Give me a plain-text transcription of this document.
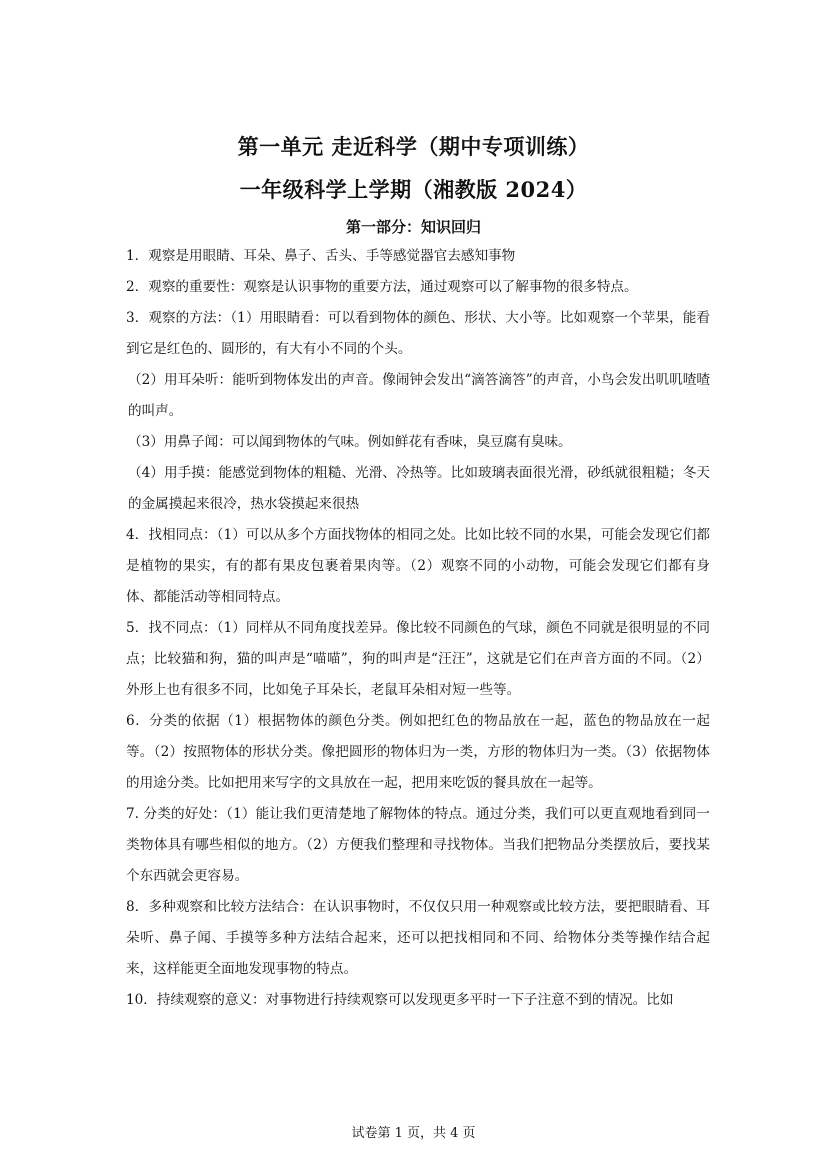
第一单元 走近科学（期中专项训练）
一年级科学上学期（湘教版 2024）
第一部分：知识回归

1．观察是用眼睛、耳朵、鼻子、舌头、手等感觉器官去感知事物

2．观察的重要性：观察是认识事物的重要方法，通过观察可以了解事物的很多特点。

3．观察的方法：（1）用眼睛看：可以看到物体的颜色、形状、大小等。比如观察一个苹果，能看到它是红色的、圆形的，有大有小不同的个头。

（2）用耳朵听：能听到物体发出的声音。像闹钟会发出“滴答滴答”的声音，小鸟会发出叽叽喳喳的叫声。

（3）用鼻子闻：可以闻到物体的气味。例如鲜花有香味，臭豆腐有臭味。

（4）用手摸：能感觉到物体的粗糙、光滑、冷热等。比如玻璃表面很光滑，砂纸就很粗糙；冬天的金属摸起来很冷，热水袋摸起来很热

4．找相同点：（1）可以从多个方面找物体的相同之处。比如比较不同的水果，可能会发现它们都是植物的果实，有的都有果皮包裹着果肉等。（2）观察不同的小动物，可能会发现它们都有身体、都能活动等相同特点。

5．找不同点：（1）同样从不同角度找差异。像比较不同颜色的气球，颜色不同就是很明显的不同点；比较猫和狗，猫的叫声是“喵喵”，狗的叫声是“汪汪”，这就是它们在声音方面的不同。（2）外形上也有很多不同，比如兔子耳朵长，老鼠耳朵相对短一些等。

6．分类的依据（1）根据物体的颜色分类。例如把红色的物品放在一起，蓝色的物品放在一起等。（2）按照物体的形状分类。像把圆形的物体归为一类，方形的物体归为一类。（3）依据物体的用途分类。比如把用来写字的文具放在一起，把用来吃饭的餐具放在一起等。

7. 分类的好处：（1）能让我们更清楚地了解物体的特点。通过分类，我们可以更直观地看到同一类物体具有哪些相似的地方。（2）方便我们整理和寻找物体。当我们把物品分类摆放后，要找某个东西就会更容易。

8．多种观察和比较方法结合：在认识事物时，不仅仅只用一种观察或比较方法，要把眼睛看、耳朵听、鼻子闻、手摸等多种方法结合起来，还可以把找相同和不同、给物体分类等操作结合起来，这样能更全面地发现事物的特点。

10．持续观察的意义：对事物进行持续观察可以发现更多平时一下子注意不到的情况。比如

试卷第 1 页，共 4 页
